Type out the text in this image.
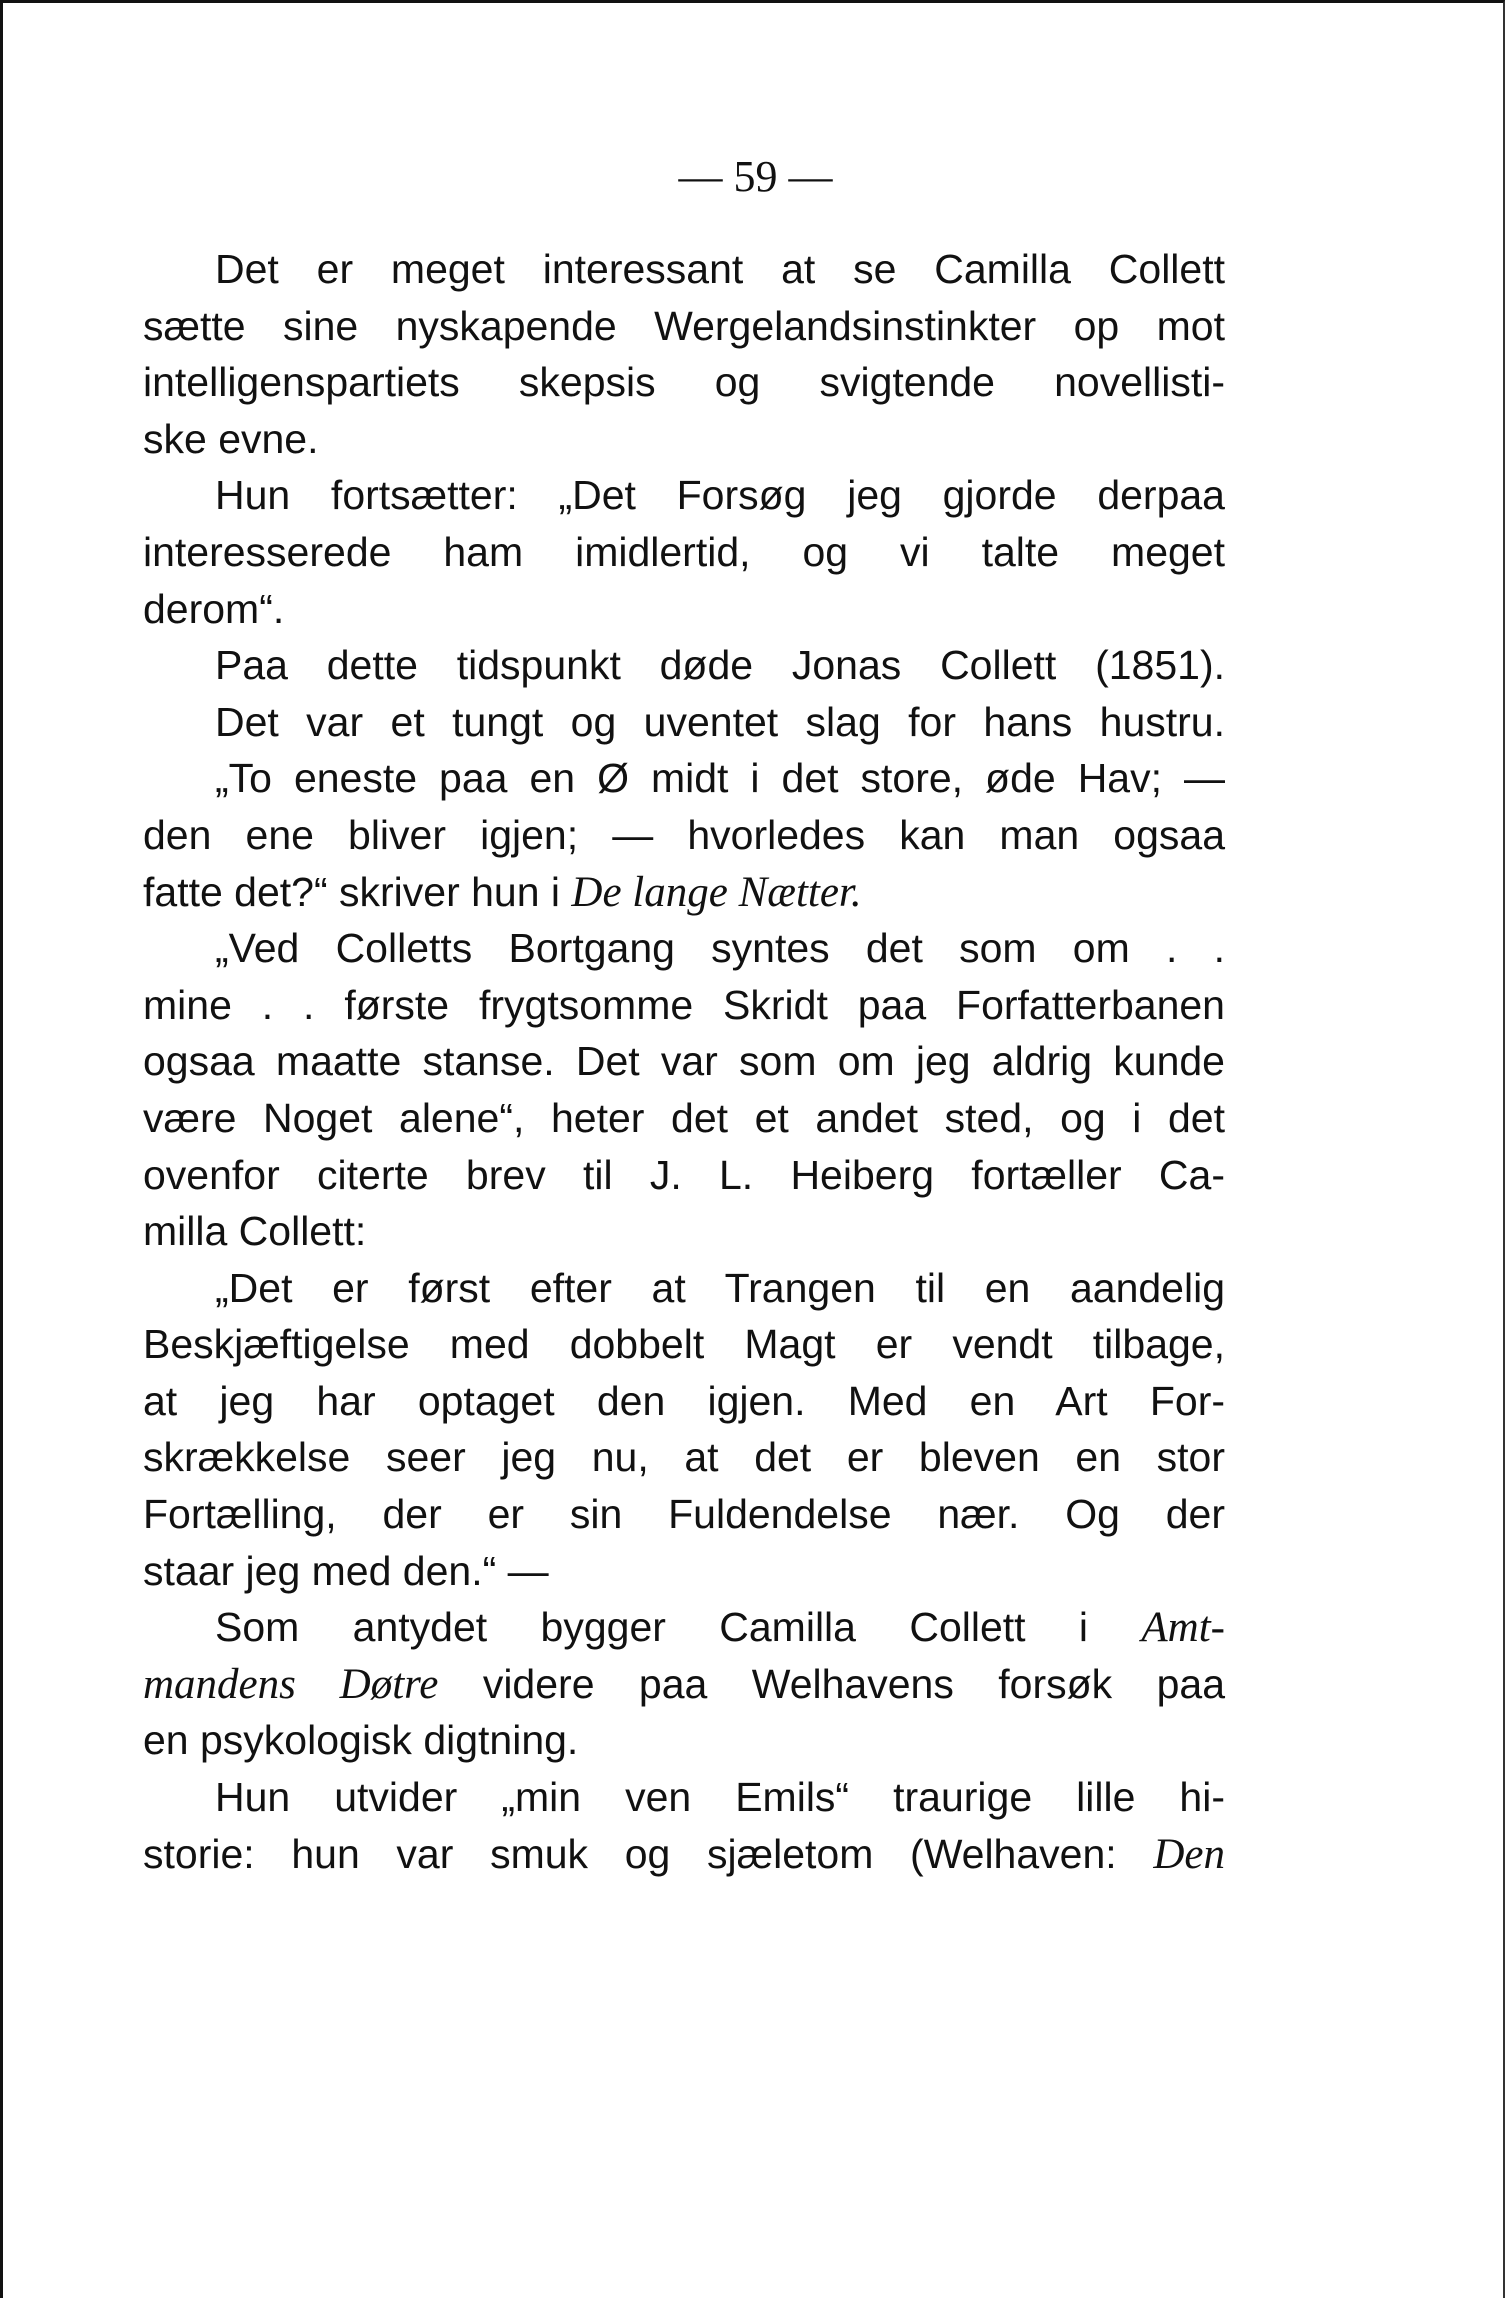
— 59 —
Det er meget interessant at se Camilla Collett
sætte sine nyskapende Wergelandsinstinkter op mot
intelligenspartiets skepsis og svigtende novellisti-
ske evne.
Hun fortsætter: „Det Forsøg jeg gjorde derpaa
interesserede ham imidlertid, og vi talte meget
derom“.
Paa dette tidspunkt døde Jonas Collett (1851).
Det var et tungt og uventet slag for hans hustru.
„To eneste paa en Ø midt i det store, øde Hav; —
den ene bliver igjen; — hvorledes kan man ogsaa
fatte det?“ skriver hun i De lange Nætter.
„Ved Colletts Bortgang syntes det som om . .
mine . . første frygtsomme Skridt paa Forfatterbanen
ogsaa maatte stanse. Det var som om jeg aldrig kunde
være Noget alene“, heter det et andet sted, og i det
ovenfor citerte brev til J. L. Heiberg fortæller Ca-
milla Collett:
„Det er først efter at Trangen til en aandelig
Beskjæftigelse med dobbelt Magt er vendt tilbage,
at jeg har optaget den igjen. Med en Art For-
skrækkelse seer jeg nu, at det er bleven en stor
Fortælling, der er sin Fuldendelse nær. Og der
staar jeg med den.“ —
Som antydet bygger Camilla Collett i Amt-
mandens Døtre videre paa Welhavens forsøk paa
en psykologisk digtning.
Hun utvider „min ven Emils“ traurige lille hi-
storie: hun var smuk og sjæletom (Welhaven: Den
